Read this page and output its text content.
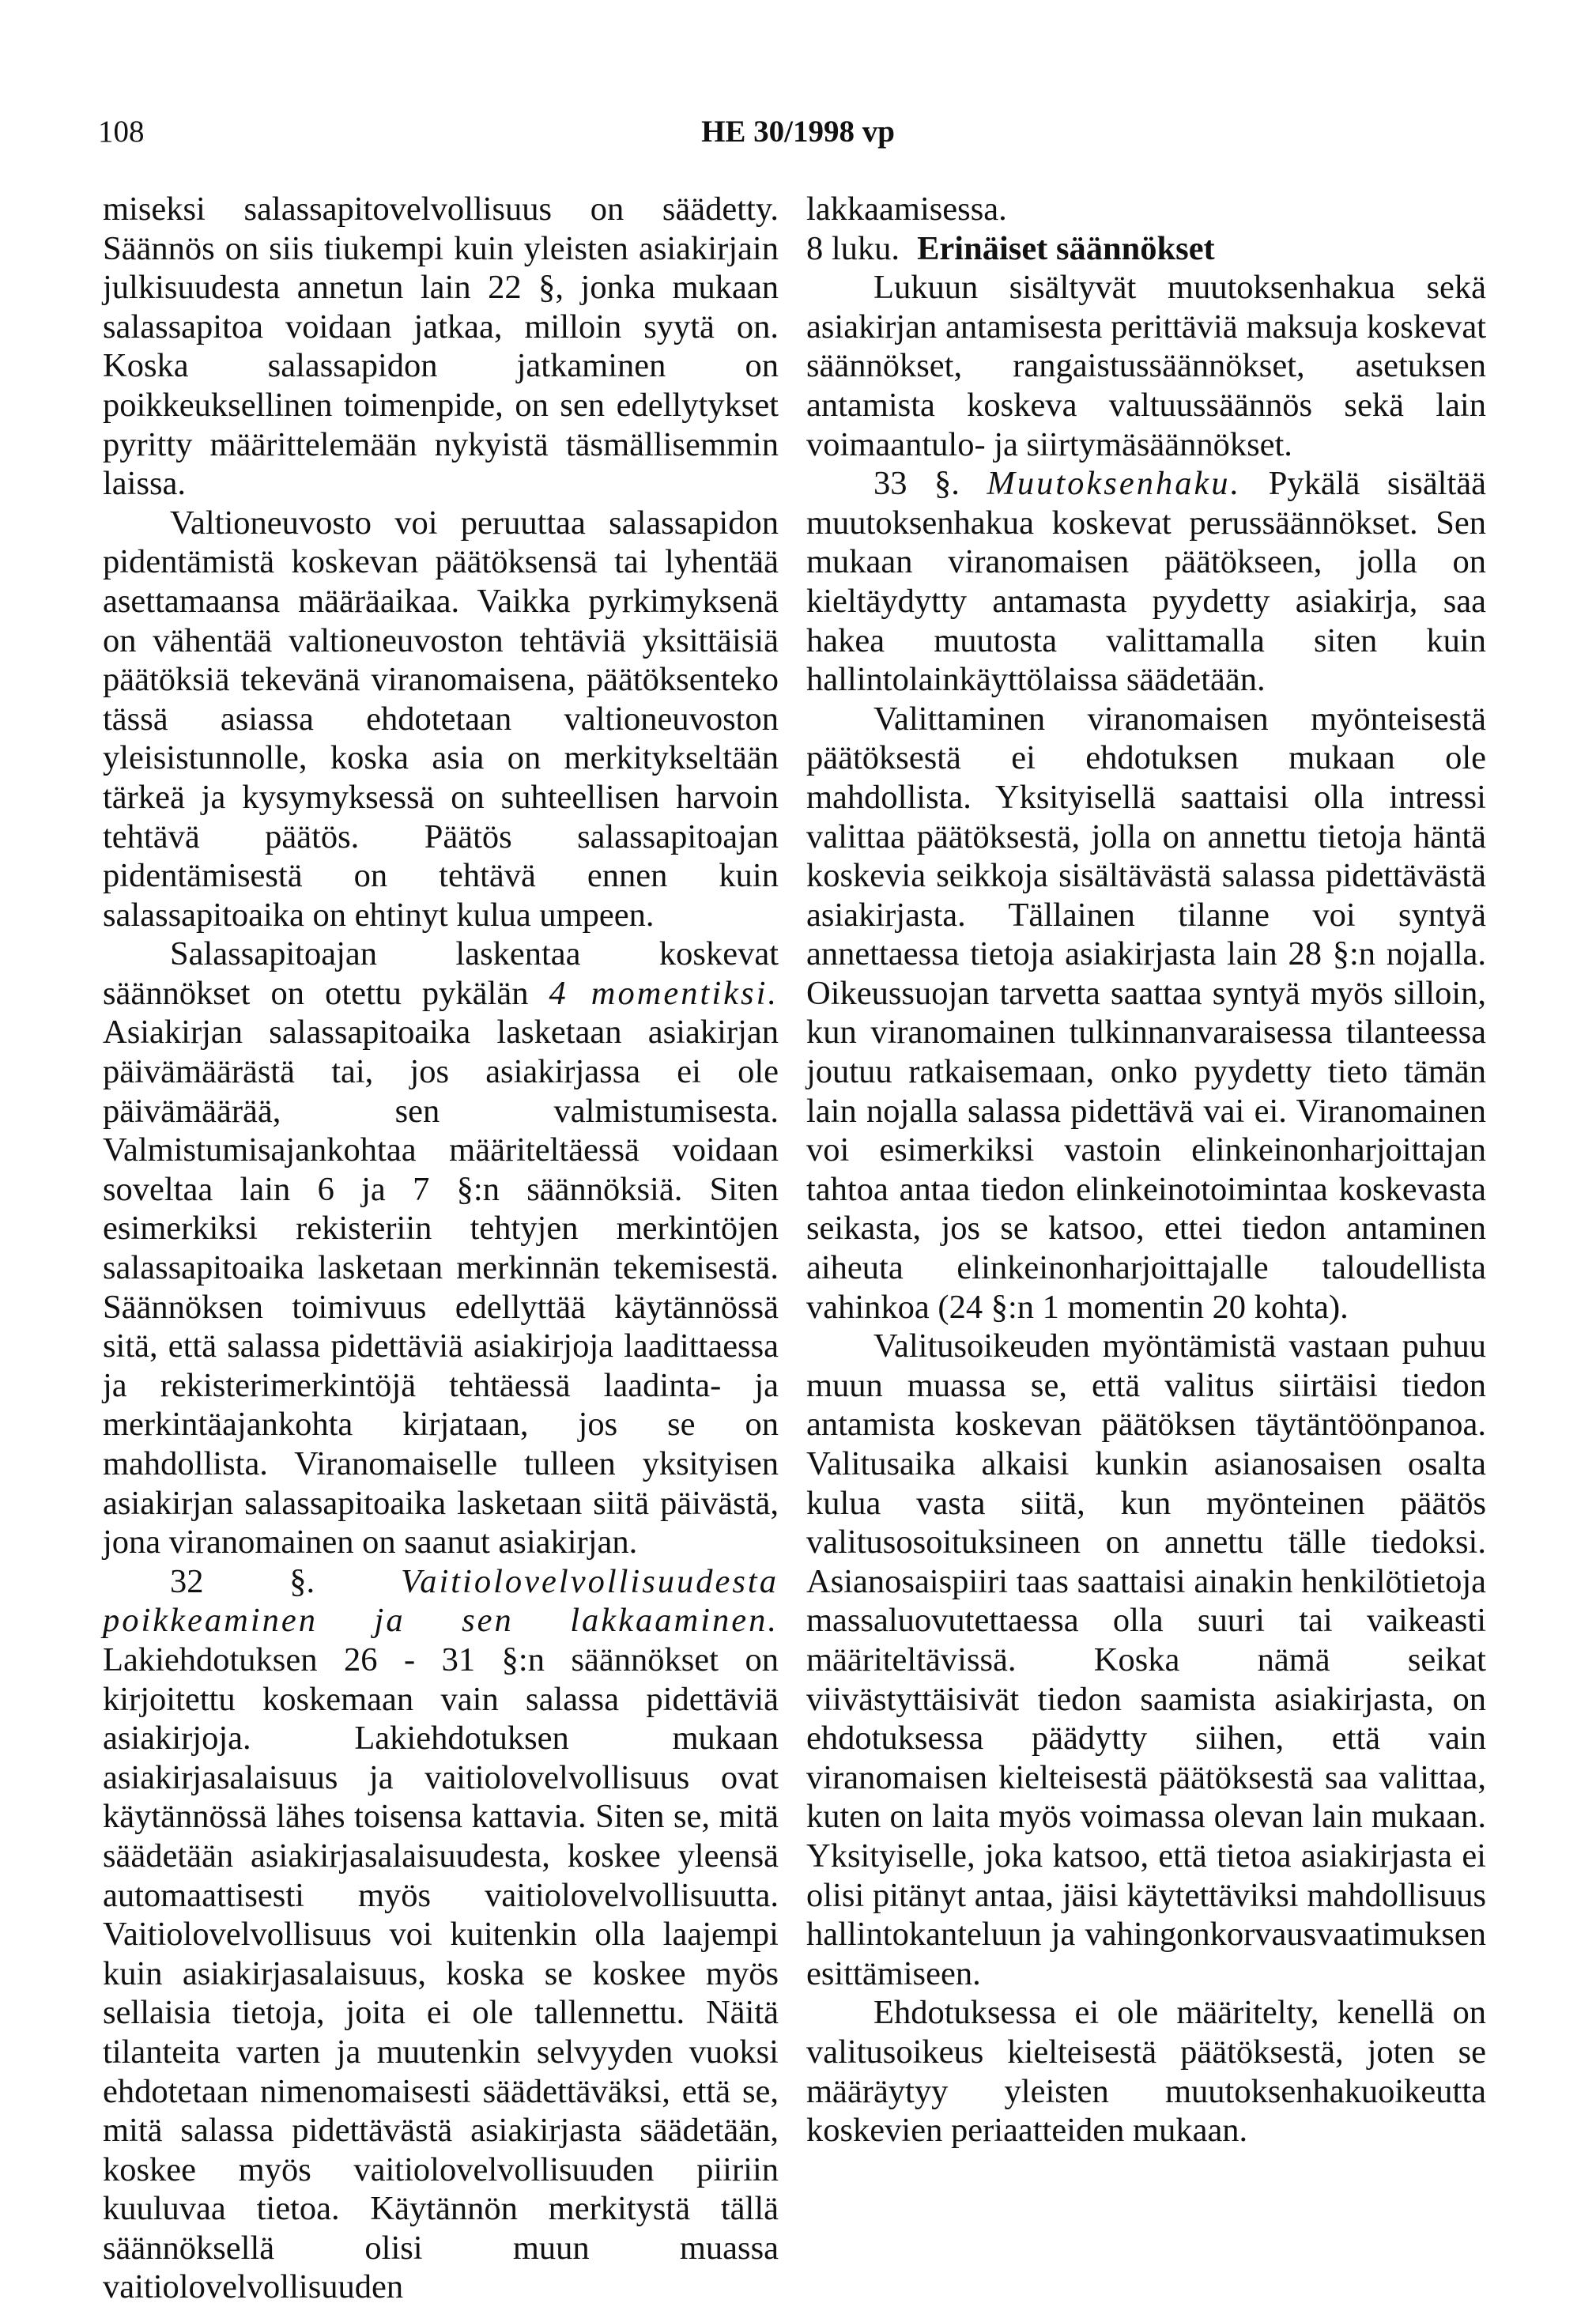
108	HE 30/1998 vp

miseksi salassapitovelvollisuus on säädetty. Säännös on siis tiukempi kuin yleisten asiakirjain julkisuudesta annetun lain 22 §, jonka mukaan salassapitoa voidaan jatkaa, milloin syytä on. Koska salassapidon jatkaminen on poikkeuksellinen toimenpide, on sen edellytykset pyritty määrittelemään nykyistä täsmällisemmin laissa.

Valtioneuvosto voi peruuttaa salassapidon pidentämistä koskevan päätöksensä tai lyhentää asettamaansa määräaikaa. Vaikka pyrkimyksenä on vähentää valtioneuvoston tehtäviä yksittäisiä päätöksiä tekevänä viranomaisena, päätöksenteko tässä asiassa ehdotetaan valtioneuvoston yleisistunnolle, koska asia on merkitykseltään tärkeä ja kysymyksessä on suhteellisen harvoin tehtävä päätös. Päätös salassapitoajan pidentämisestä on tehtävä ennen kuin salassapitoaika on ehtinyt kulua umpeen.

Salassapitoajan laskentaa koskevat säännökset on otettu pykälän 4 momentiksi. Asiakirjan salassapitoaika lasketaan asiakirjan päivämäärästä tai, jos asiakirjassa ei ole päivämäärää, sen valmistumisesta. Valmistumisajankohtaa määriteltäessä voidaan soveltaa lain 6 ja 7 §:n säännöksiä. Siten esimerkiksi rekisteriin tehtyjen merkintöjen salassapitoaika lasketaan merkinnän tekemisestä. Säännöksen toimivuus edellyttää käytännössä sitä, että salassa pidettäviä asiakirjoja laadittaessa ja rekisterimerkintöjä tehtäessä laadinta- ja merkintäajankohta kirjataan, jos se on mahdollista. Viranomaiselle tulleen yksityisen asiakirjan salassapitoaika lasketaan siitä päivästä, jona viranomainen on saanut asiakirjan.

32 §.	Vaitiolovelvollisuudesta poikkeaminen ja sen lakkaaminen. Lakiehdotuksen 26 - 31 §:n säännökset on kirjoitettu koskemaan vain salassa pidettäviä asiakirjoja. Lakiehdotuksen mukaan asiakirjasalaisuus ja vaitiolovelvollisuus ovat käytännössä lähes toisensa kattavia. Siten se, mitä säädetään asiakirjasalaisuudesta, koskee yleensä automaattisesti myös vaitiolovelvollisuutta. Vaitiolovelvollisuus voi kuitenkin olla laajempi kuin asiakirjasalaisuus, koska se koskee myös sellaisia tietoja, joita ei ole tallennettu. Näitä tilanteita varten ja muutenkin selvyyden vuoksi ehdotetaan nimenomaisesti säädettäväksi, että se, mitä salassa pidettävästä asiakirjasta säädetään, koskee myös vaitiolovelvollisuuden piiriin kuuluvaa tietoa. Käytännön merkitystä tällä säännöksellä olisi muun muassa vaitiolovelvollisuuden

lakkaamisessa.

8 luku. Erinäiset säännökset

Lukuun sisältyvät muutoksenhakua sekä asiakirjan antamisesta perittäviä maksuja koskevat säännökset, rangaistussäännökset, asetuksen antamista koskeva valtuussäännös sekä lain voimaantulo- ja siirtymäsäännökset.

33 §. Muutoksenhaku. Pykälä sisältää muutoksenhakua koskevat perussäännökset. Sen mukaan viranomaisen päätökseen, jolla on kieltäydytty antamasta pyydetty asiakirja, saa hakea muutosta valittamalla siten kuin hallintolainkäyttölaissa säädetään.

Valittaminen viranomaisen myönteisestä päätöksestä ei ehdotuksen mukaan ole mahdollista. Yksityisellä saattaisi olla intressi valittaa päätöksestä, jolla on annettu tietoja häntä koskevia seikkoja sisältävästä salassa pidettävästä asiakirjasta. Tällainen tilanne voi syntyä annettaessa tietoja asiakirjasta lain 28 §:n nojalla. Oikeussuojan tarvetta saattaa syntyä myös silloin, kun viranomainen tulkinnanvaraisessa tilanteessa joutuu ratkaisemaan, onko pyydetty tieto tämän lain nojalla salassa pidettävä vai ei. Viranomainen voi esimerkiksi vastoin elinkeinonharjoittajan tahtoa antaa tiedon elinkeinotoimintaa koskevasta seikasta, jos se katsoo, ettei tiedon antaminen aiheuta elinkeinonharjoittajalle taloudellista vahinkoa (24 §:n 1 momentin 20 kohta).

Valitusoikeuden myöntämistä vastaan puhuu muun muassa se, että valitus siirtäisi tiedon antamista koskevan päätöksen täytäntöönpanoa. Valitusaika alkaisi kunkin asianosaisen osalta kulua vasta siitä, kun myönteinen päätös valitusosoituksineen on annettu tälle tiedoksi. Asianosaispiiri taas saattaisi ainakin henkilötietoja massaluovutettaessa olla suuri tai vaikeasti määriteltävissä. Koska nämä seikat viivästyttäisivät tiedon saamista asiakirjasta, on ehdotuksessa päädytty siihen, että vain viranomaisen kielteisestä päätöksestä saa valittaa, kuten on laita myös voimassa olevan lain mukaan. Yksityiselle, joka katsoo, että tietoa asiakirjasta ei olisi pitänyt antaa, jäisi käytettäviksi mahdollisuus hallintokanteluun ja vahingonkorvausvaatimuksen esittämiseen.

Ehdotuksessa ei ole määritelty, kenellä on valitusoikeus kielteisestä päätöksestä, joten se määräytyy yleisten muutoksenhakuoikeutta koskevien periaatteiden mukaan.
